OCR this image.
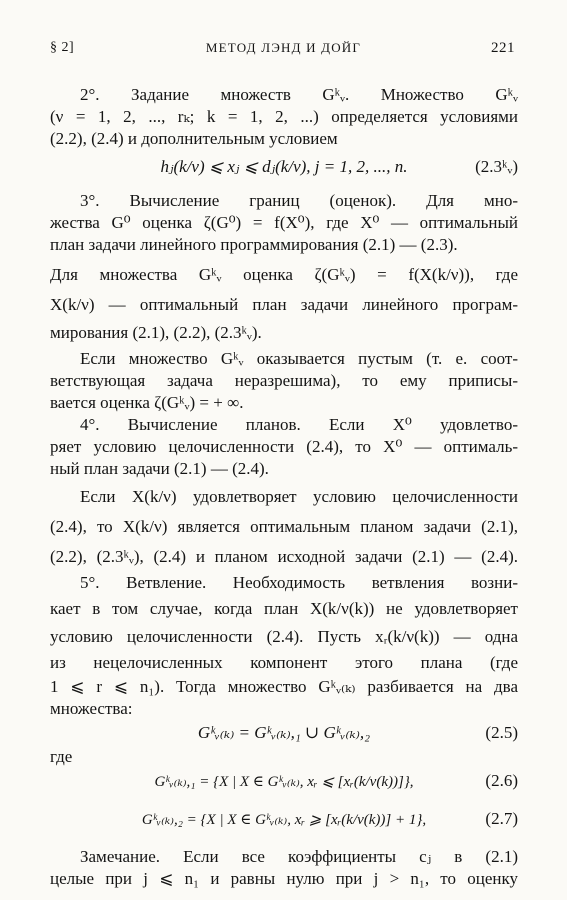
§ 2]	МЕТОД ЛЭНД И ДОЙГ	221
2°. Задание множеств Gᵏᵥ. Множество Gᵏᵥ
(ν = 1, 2, ..., rₖ; k = 1, 2, ...) определяется условиями
(2.2), (2.4) и дополнительным условием
hⱼ(k/ν) ⩽ xⱼ ⩽ dⱼ(k/ν), j = 1, 2, ..., n.	(2.3ᵏᵥ)
3°. Вычисление границ (оценок). Для мно-
жества G⁰ оценка ζ(G⁰) = f(X⁰), где X⁰ — оптимальный
план задачи линейного программирования (2.1) — (2.3).
Для множества Gᵏᵥ оценка ζ(Gᵏᵥ) = f(X(k/ν)), где
X(k/ν) — оптимальный план задачи линейного програм-
мирования (2.1), (2.2), (2.3ᵏᵥ).
Если множество Gᵏᵥ оказывается пустым (т. е. соот-
ветствующая задача неразрешима), то ему приписы-
вается оценка ζ(Gᵏᵥ) = + ∞.
4°. Вычисление планов. Если X⁰ удовлетво-
ряет условию целочисленности (2.4), то X⁰ — оптималь-
ный план задачи (2.1) — (2.4).
Если X(k/ν) удовлетворяет условию целочисленности
(2.4), то X(k/ν) является оптимальным планом задачи (2.1),
(2.2), (2.3ᵏᵥ), (2.4) и планом исходной задачи (2.1) — (2.4).
5°. Ветвление. Необходимость ветвления возни-
кает в том случае, когда план X(k/ν(k)) не удовлетворяет
условию целочисленности (2.4). Пусть xᵣ(k/ν(k)) — одна
из нецелочисленных компонент этого плана (где
1 ⩽ r ⩽ n₁). Тогда множество Gᵏᵥ₍ₖ₎ разбивается на два
множества:
Gᵏᵥ₍ₖ₎ = Gᵏᵥ₍ₖ₎,₁ ∪ Gᵏᵥ₍ₖ₎,₂	(2.5)
где
Gᵏᵥ₍ₖ₎,₁ = {X | X ∈ Gᵏᵥ₍ₖ₎, xᵣ ⩽ [xᵣ(k/ν(k))]},	(2.6)
Gᵏᵥ₍ₖ₎,₂ = {X | X ∈ Gᵏᵥ₍ₖ₎, xᵣ ⩾ [xᵣ(k/ν(k))] + 1},	(2.7)
Замечание. Если все коэффициенты cⱼ в (2.1)
целые при j ⩽ n₁ и равны нулю при j > n₁, то оценку
